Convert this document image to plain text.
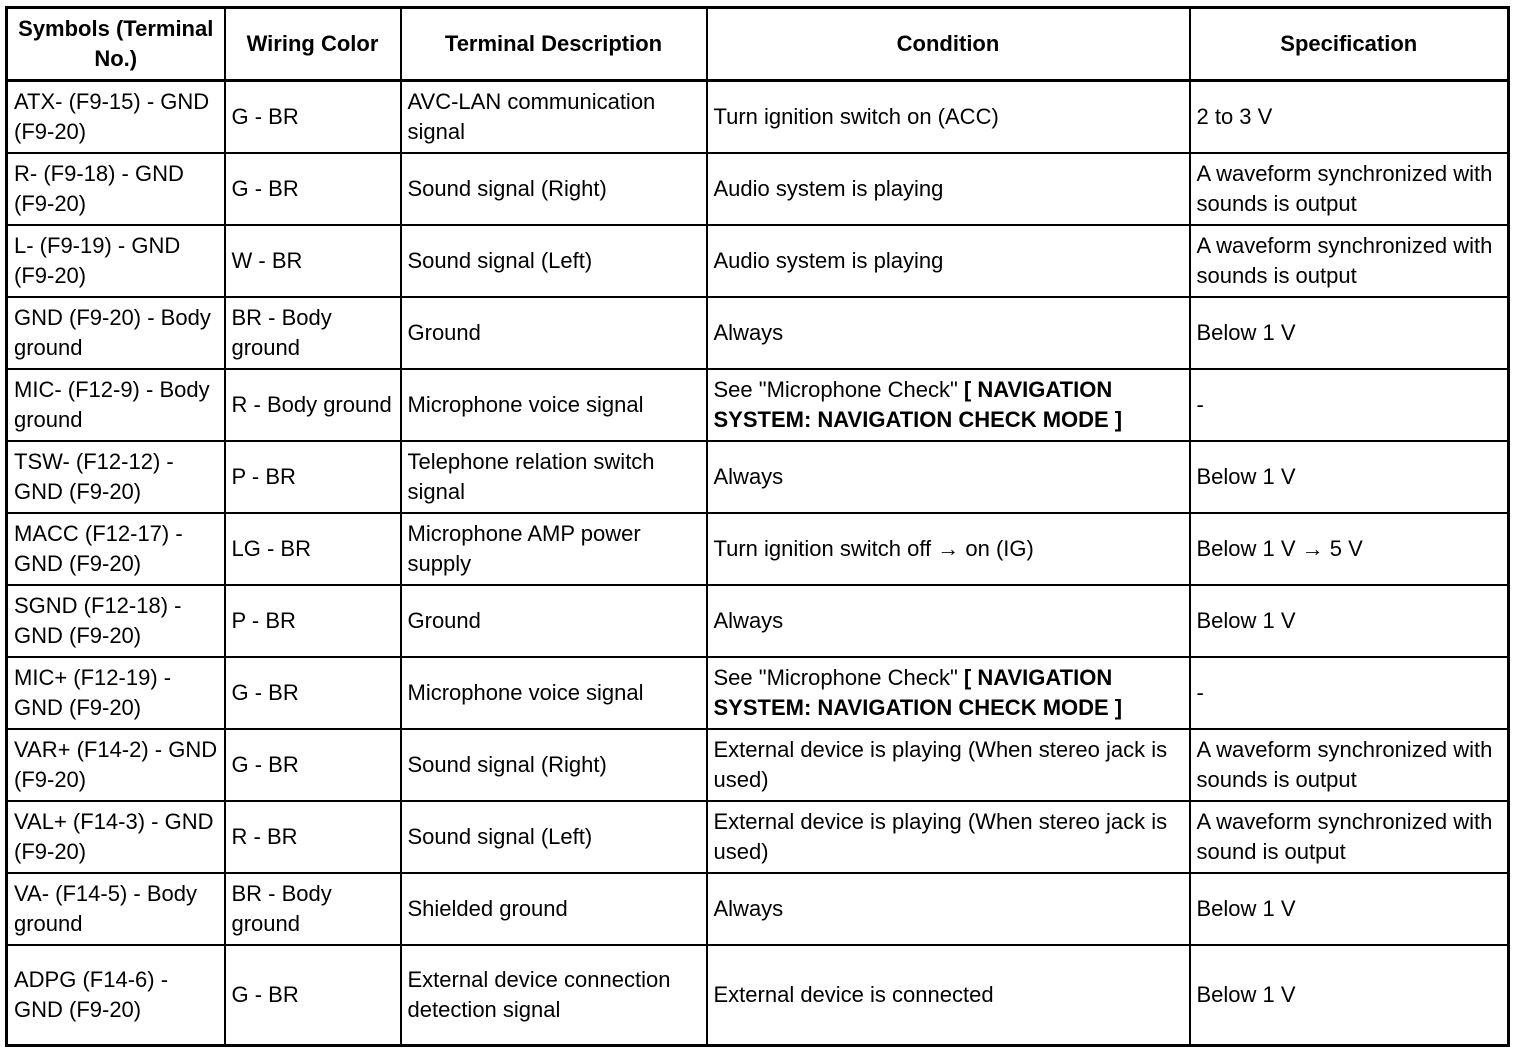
Symbols (Terminal No.)	Wiring Color	Terminal Description	Condition	Specification
ATX- (F9-15) - GND (F9-20)	G - BR	AVC-LAN communication signal	Turn ignition switch on (ACC)	2 to 3 V
R- (F9-18) - GND (F9-20)	G - BR	Sound signal (Right)	Audio system is playing	A waveform synchronized with sounds is output
L- (F9-19) - GND (F9-20)	W - BR	Sound signal (Left)	Audio system is playing	A waveform synchronized with sounds is output
GND (F9-20) - Body ground	BR - Body ground	Ground	Always	Below 1 V
MIC- (F12-9) - Body ground	R - Body ground	Microphone voice signal	See "Microphone Check" [ NAVIGATION SYSTEM: NAVIGATION CHECK MODE ]	-
TSW- (F12-12) - GND (F9-20)	P - BR	Telephone relation switch signal	Always	Below 1 V
MACC (F12-17) - GND (F9-20)	LG - BR	Microphone AMP power supply	Turn ignition switch off → on (IG)	Below 1 V → 5 V
SGND (F12-18) - GND (F9-20)	P - BR	Ground	Always	Below 1 V
MIC+ (F12-19) - GND (F9-20)	G - BR	Microphone voice signal	See "Microphone Check" [ NAVIGATION SYSTEM: NAVIGATION CHECK MODE ]	-
VAR+ (F14-2) - GND (F9-20)	G - BR	Sound signal (Right)	External device is playing (When stereo jack is used)	A waveform synchronized with sounds is output
VAL+ (F14-3) - GND (F9-20)	R - BR	Sound signal (Left)	External device is playing (When stereo jack is used)	A waveform synchronized with sound is output
VA- (F14-5) - Body ground	BR - Body ground	Shielded ground	Always	Below 1 V
ADPG (F14-6) - GND (F9-20)	G - BR	External device connection detection signal	External device is connected	Below 1 V
